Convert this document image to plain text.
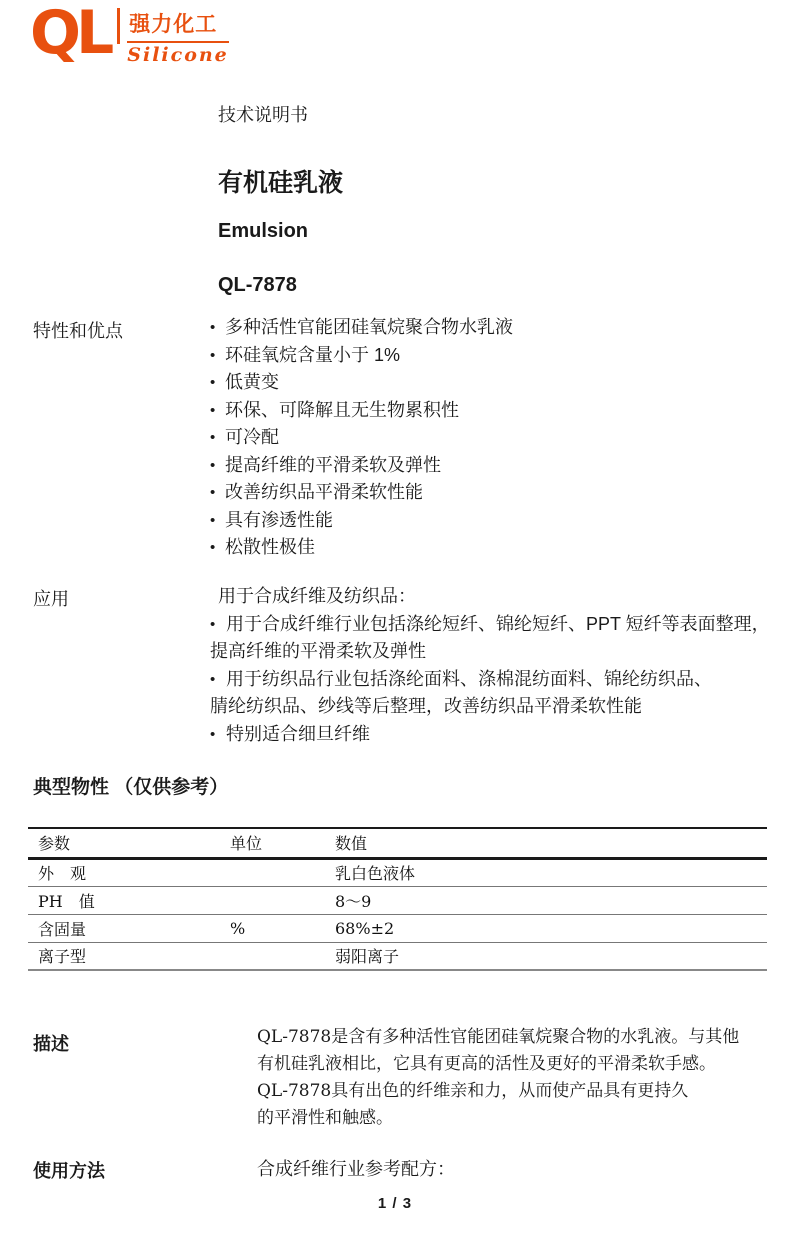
QL 强力化工
Silicone
技术说明书
有机硅乳液
Emulsion
QL-7878
特性和优点	• 多种活性官能团硅氧烷聚合物水乳液
• 环硅氧烷含量小于 1%
• 低黄变
• 环保、可降解且无生物累积性
• 可冷配
• 提高纤维的平滑柔软及弹性
• 改善纺织品平滑柔软性能
• 具有渗透性能
• 松散性极佳
应用	用于合成纤维及纺织品：
• 用于合成纤维行业包括涤纶短纤、锦纶短纤、PPT 短纤等表面整理，
提高纤维的平滑柔软及弹性
• 用于纺织品行业包括涤纶面料、涤棉混纺面料、锦纶纺织品、
腈纶纺织品、纱线等后整理，改善纺织品平滑柔软性能
• 特别适合细旦纤维
典型物性 （仅供参考）
参数	单位	数值
外　观		乳白色液体
PH　值		8～9
含固量	%	68%±2
离子型		弱阳离子
描述	QL-7878是含有多种活性官能团硅氧烷聚合物的水乳液。与其他
有机硅乳液相比，它具有更高的活性及更好的平滑柔软手感。
QL-7878具有出色的纤维亲和力，从而使产品具有更持久
的平滑性和触感。
使用方法	合成纤维行业参考配方：
1 / 3
